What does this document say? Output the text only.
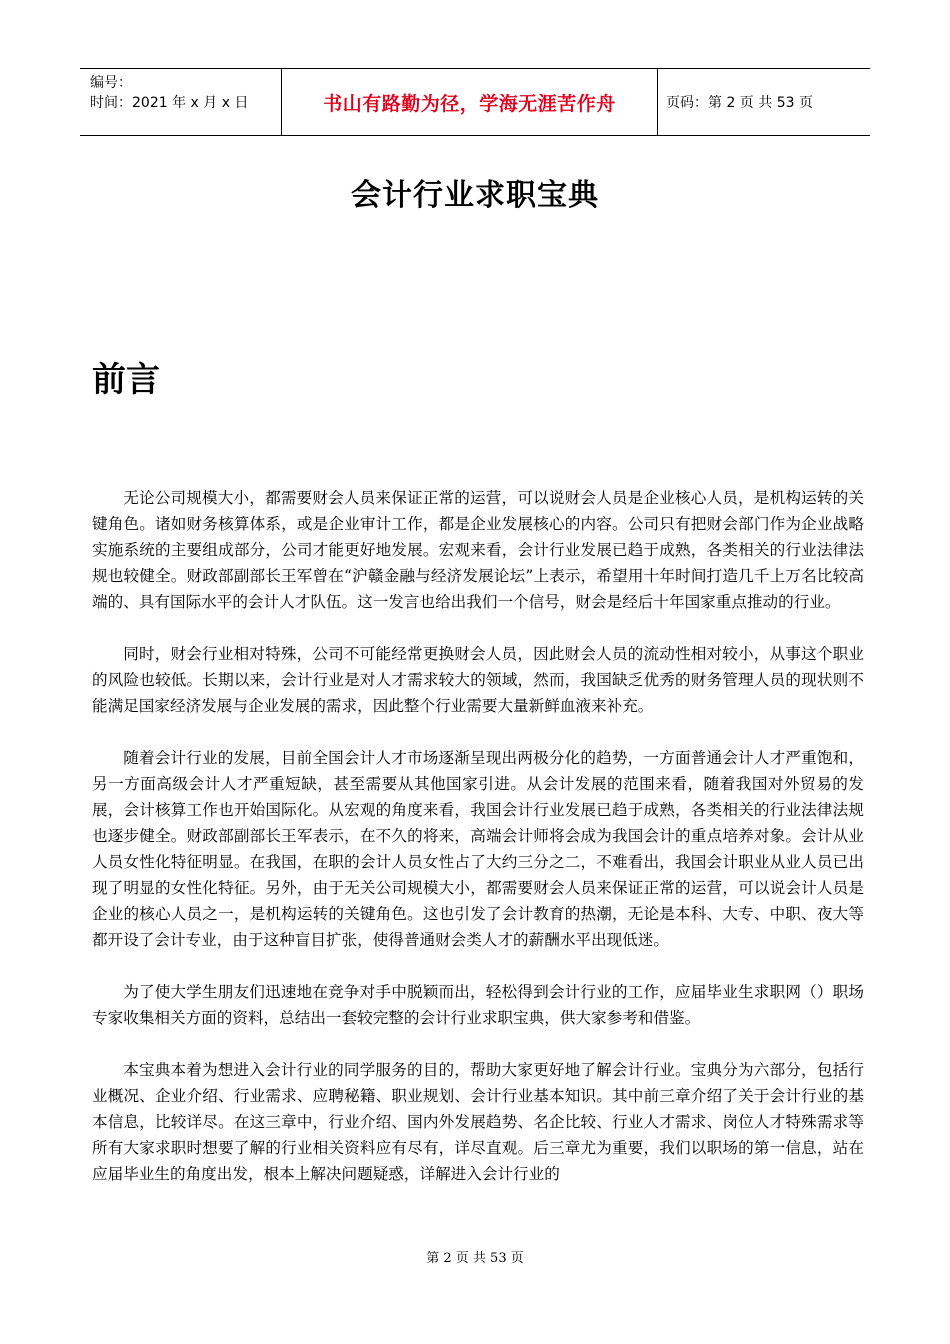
编号：
时间：2021 年 x 月 x 日	书山有路勤为径，学海无涯苦作舟	页码：第 2 页 共 53 页
会计行业求职宝典
前言

无论公司规模大小，都需要财会人员来保证正常的运营，可以说财会人员是企业核心人员，是机构运转的关键角色。诸如财务核算体系，或是企业审计工作，都是企业发展核心的内容。公司只有把财会部门作为企业战略实施系统的主要组成部分，公司才能更好地发展。宏观来看，会计行业发展已趋于成熟，各类相关的行业法律法规也较健全。财政部副部长王军曾在“沪赣金融与经济发展论坛”上表示，希望用十年时间打造几千上万名比较高端的、具有国际水平的会计人才队伍。这一发言也给出我们一个信号，财会是经后十年国家重点推动的行业。

同时，财会行业相对特殊，公司不可能经常更换财会人员，因此财会人员的流动性相对较小，从事这个职业的风险也较低。长期以来，会计行业是对人才需求较大的领域，然而，我国缺乏优秀的财务管理人员的现状则不能满足国家经济发展与企业发展的需求，因此整个行业需要大量新鲜血液来补充。

随着会计行业的发展，目前全国会计人才市场逐渐呈现出两极分化的趋势，一方面普通会计人才严重饱和，另一方面高级会计人才严重短缺，甚至需要从其他国家引进。从会计发展的范围来看，随着我国对外贸易的发展，会计核算工作也开始国际化。从宏观的角度来看，我国会计行业发展已趋于成熟，各类相关的行业法律法规也逐步健全。财政部副部长王军表示，在不久的将来，高端会计师将会成为我国会计的重点培养对象。会计从业人员女性化特征明显。在我国，在职的会计人员女性占了大约三分之二，不难看出，我国会计职业从业人员已出现了明显的女性化特征。另外，由于无关公司规模大小，都需要财会人员来保证正常的运营，可以说会计人员是企业的核心人员之一，是机构运转的关键角色。这也引发了会计教育的热潮，无论是本科、大专、中职、夜大等都开设了会计专业，由于这种盲目扩张，使得普通财会类人才的薪酬水平出现低迷。

为了使大学生朋友们迅速地在竞争对手中脱颖而出，轻松得到会计行业的工作，应届毕业生求职网（）职场专家收集相关方面的资料，总结出一套较完整的会计行业求职宝典，供大家参考和借鉴。

本宝典本着为想进入会计行业的同学服务的目的，帮助大家更好地了解会计行业。宝典分为六部分，包括行业概况、企业介绍、行业需求、应聘秘籍、职业规划、会计行业基本知识。其中前三章介绍了关于会计行业的基本信息，比较详尽。在这三章中，行业介绍、国内外发展趋势、名企比较、行业人才需求、岗位人才特殊需求等所有大家求职时想要了解的行业相关资料应有尽有，详尽直观。后三章尤为重要，我们以职场的第一信息，站在应届毕业生的角度出发，根本上解决问题疑惑，详解进入会计行业的

第 2 页 共 53 页
